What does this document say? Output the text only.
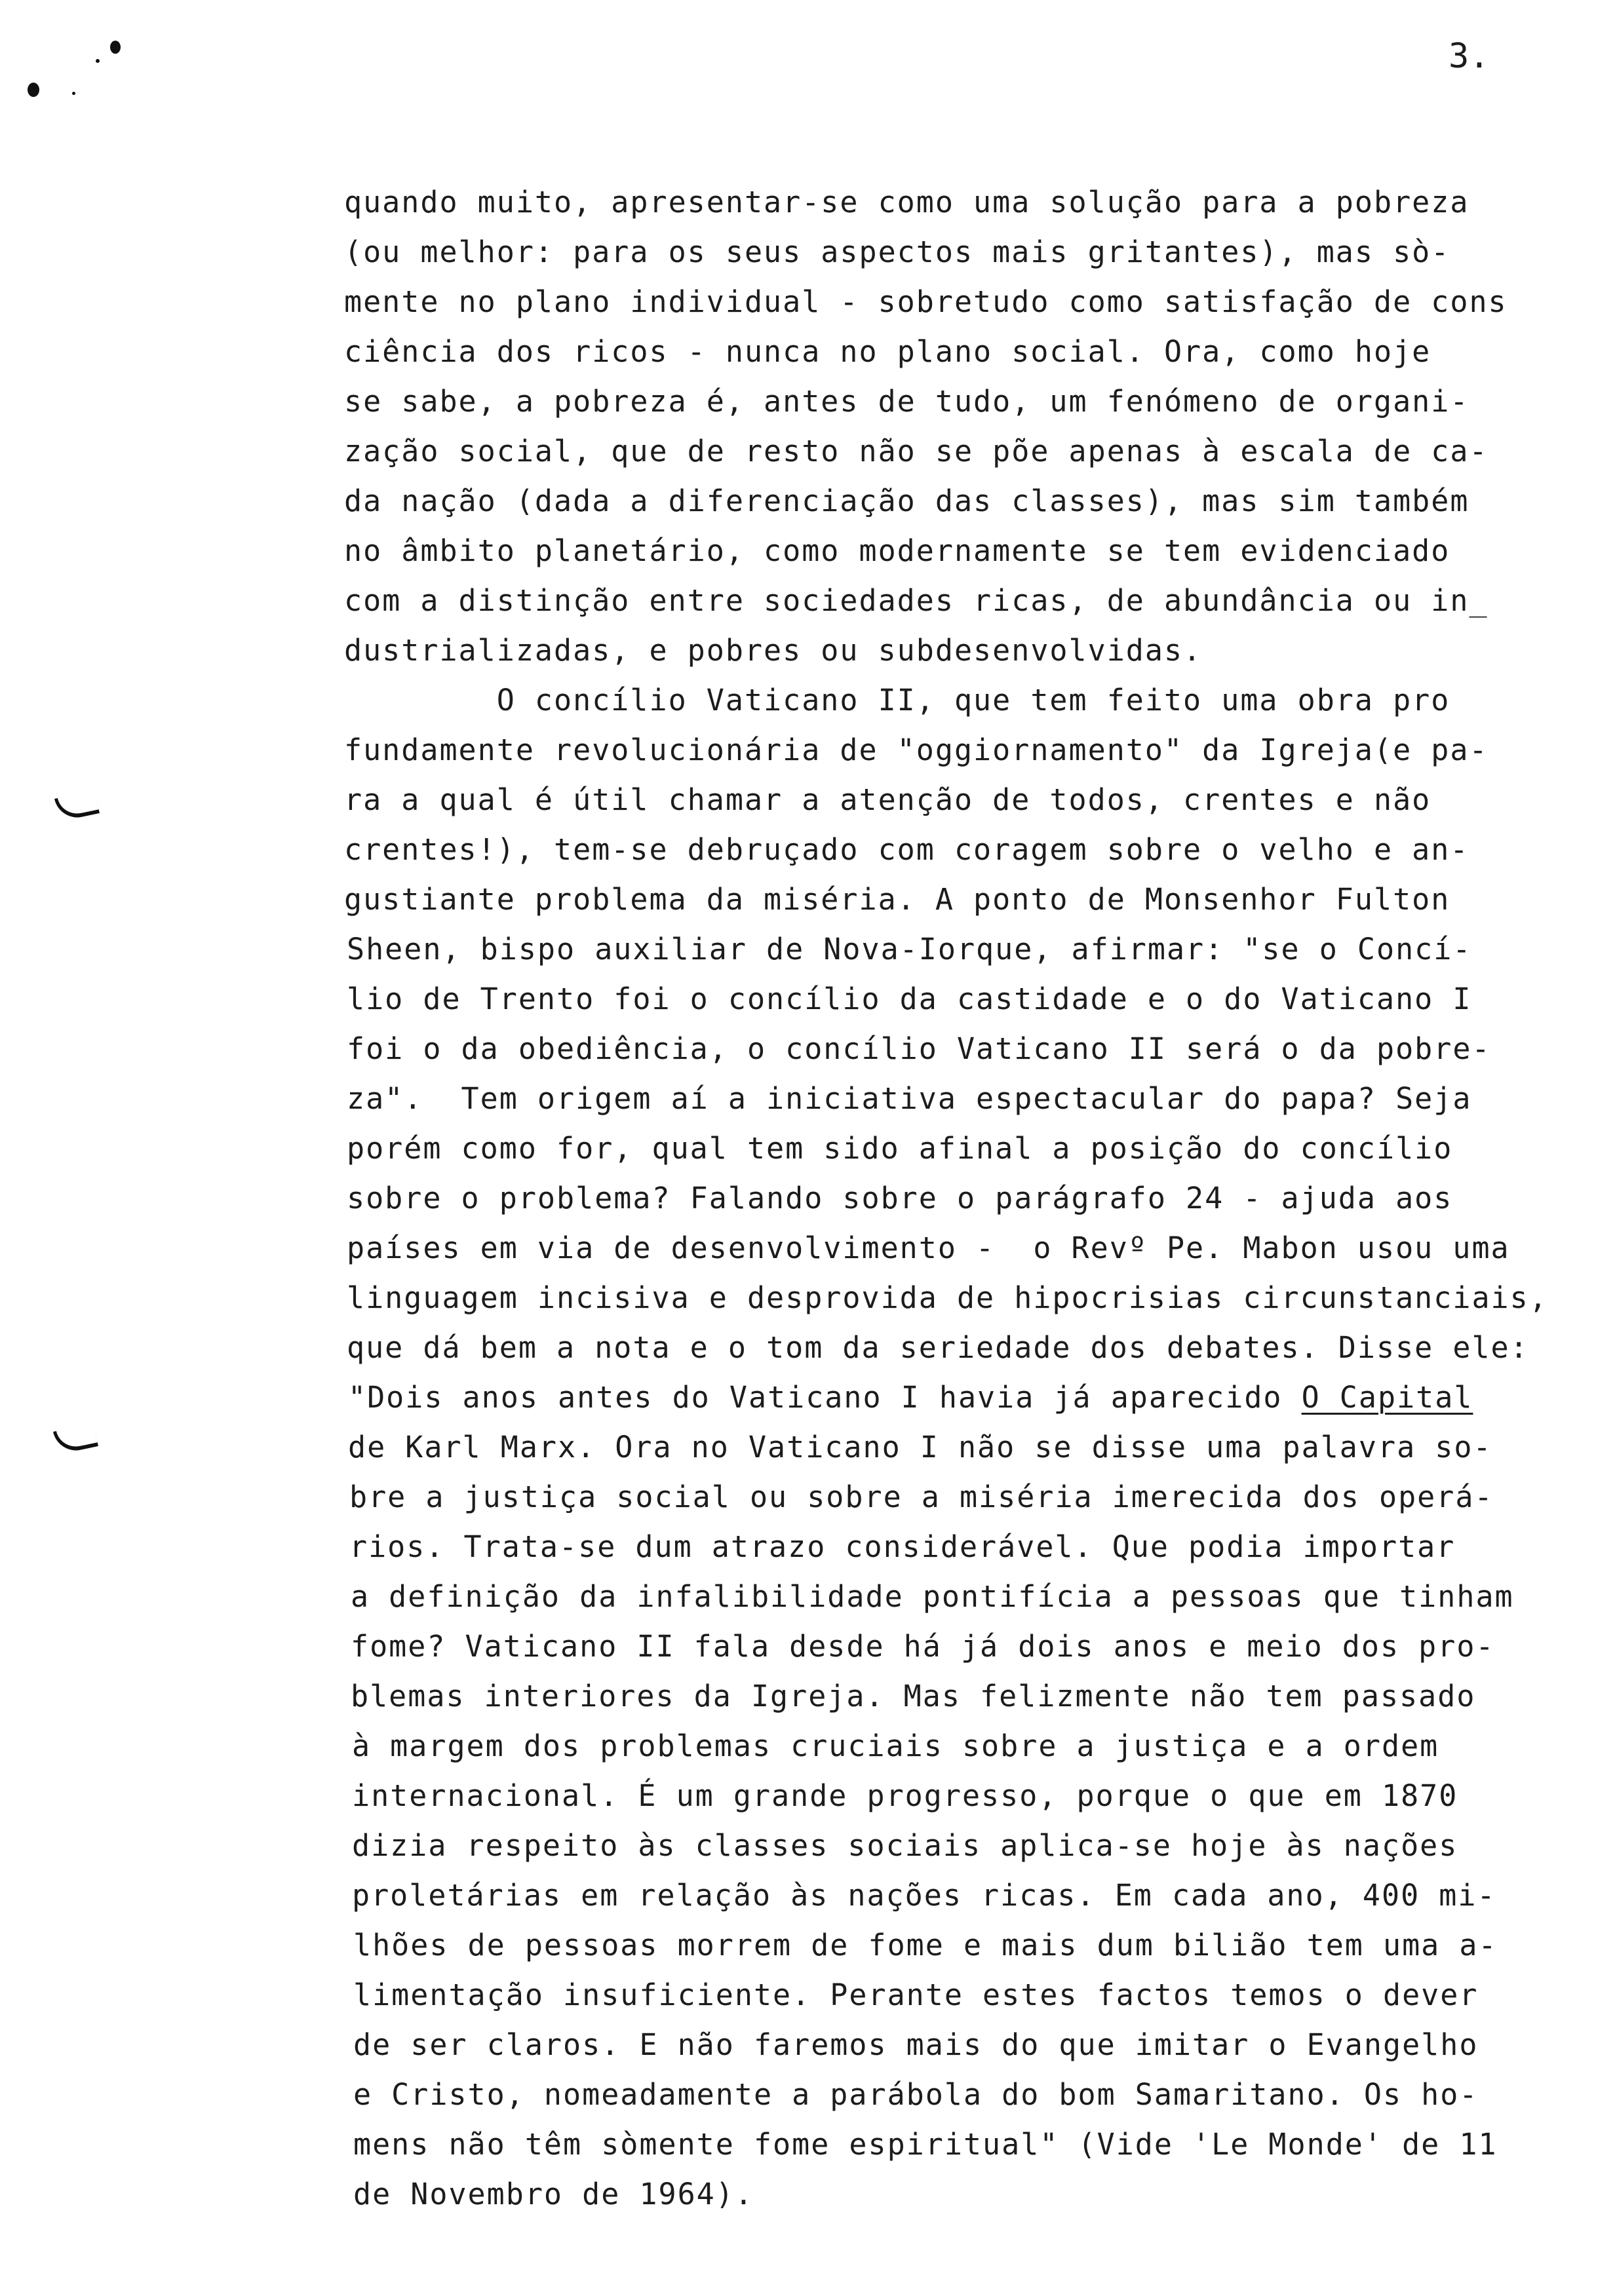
3.
quando muito, apresentar-se como uma solução para a pobreza
(ou melhor: para os seus aspectos mais gritantes), mas sò-
mente no plano individual - sobretudo como satisfação de cons
ciência dos ricos - nunca no plano social. Ora, como hoje
se sabe, a pobreza é, antes de tudo, um fenómeno de organi-
zação social, que de resto não se põe apenas à escala de ca-
da nação (dada a diferenciação das classes), mas sim também
no âmbito planetário, como modernamente se tem evidenciado
com a distinção entre sociedades ricas, de abundância ou in_
dustrializadas, e pobres ou subdesenvolvidas.
O concílio Vaticano II, que tem feito uma obra pro
fundamente revolucionária de "oggiornamento" da Igreja(e pa-
ra a qual é útil chamar a atenção de todos, crentes e não
crentes!), tem-se debruçado com coragem sobre o velho e an-
gustiante problema da miséria. A ponto de Monsenhor Fulton
Sheen, bispo auxiliar de Nova-Iorque, afirmar: "se o Concí-
lio de Trento foi o concílio da castidade e o do Vaticano I
foi o da obediência, o concílio Vaticano II será o da pobre-
za".  Tem origem aí a iniciativa espectacular do papa? Seja
porém como for, qual tem sido afinal a posição do concílio
sobre o problema? Falando sobre o parágrafo 24 - ajuda aos
países em via de desenvolvimento -  o Revº Pe. Mabon usou uma
linguagem incisiva e desprovida de hipocrisias circunstanciais,
que dá bem a nota e o tom da seriedade dos debates. Disse ele:
"Dois anos antes do Vaticano I havia já aparecido O Capital
de Karl Marx. Ora no Vaticano I não se disse uma palavra so-
bre a justiça social ou sobre a miséria imerecida dos operá-
rios. Trata-se dum atrazo considerável. Que podia importar
a definição da infalibilidade pontifícia a pessoas que tinham
fome? Vaticano II fala desde há já dois anos e meio dos pro-
blemas interiores da Igreja. Mas felizmente não tem passado
à margem dos problemas cruciais sobre a justiça e a ordem
internacional. É um grande progresso, porque o que em 1870
dizia respeito às classes sociais aplica-se hoje às nações
proletárias em relação às nações ricas. Em cada ano, 400 mi-
lhões de pessoas morrem de fome e mais dum bilião tem uma a-
limentação insuficiente. Perante estes factos temos o dever
de ser claros. E não faremos mais do que imitar o Evangelho
e Cristo, nomeadamente a parábola do bom Samaritano. Os ho-
mens não têm sòmente fome espiritual" (Vide 'Le Monde' de 11
de Novembro de 1964).
